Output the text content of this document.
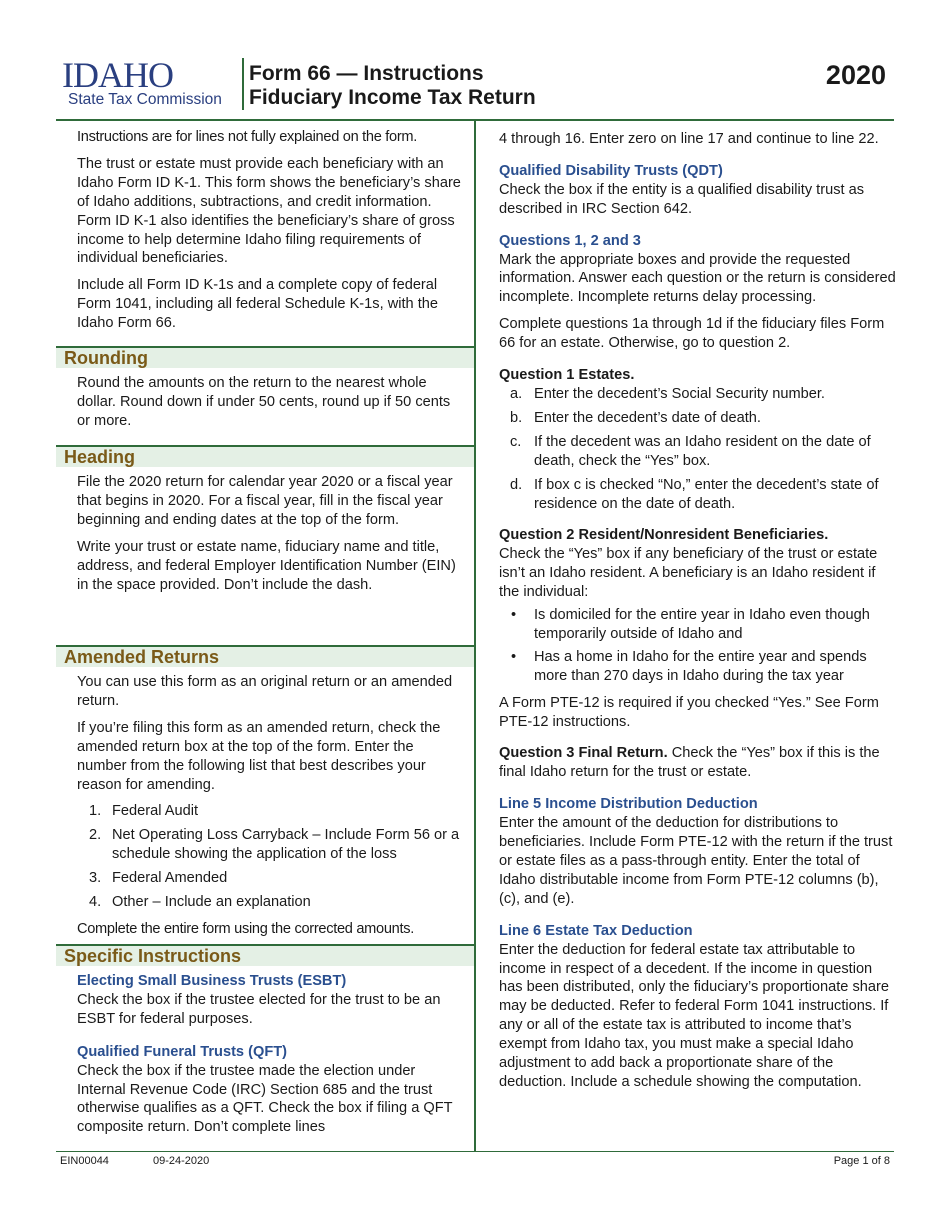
IDAHO
State Tax Commission
Form 66 — Instructions
Fiduciary Income Tax Return
2020

Instructions are for lines not fully explained on the form.

The trust or estate must provide each beneficiary with an Idaho Form ID K-1. This form shows the beneficiary’s share of Idaho additions, subtractions, and credit information. Form ID K-1 also identifies the beneficiary’s share of gross income to help determine Idaho filing requirements of individual beneficiaries.

Include all Form ID K-1s and a complete copy of federal Form 1041, including all federal Schedule K-1s, with the Idaho Form 66.

Rounding

Round the amounts on the return to the nearest whole dollar. Round down if under 50 cents, round up if 50 cents or more.

Heading

File the 2020 return for calendar year 2020 or a fiscal year that begins in 2020. For a fiscal year, fill in the fiscal year beginning and ending dates at the top of the form.

Write your trust or estate name, fiduciary name and title, address, and federal Employer Identification Number (EIN) in the space provided. Don’t include the dash.

Amended Returns

You can use this form as an original return or an amended return.

If you’re filing this form as an amended return, check the amended return box at the top of the form. Enter the number from the following list that best describes your reason for amending.

1. Federal Audit
2. Net Operating Loss Carryback – Include Form 56 or a schedule showing the application of the loss
3. Federal Amended
4. Other – Include an explanation

Complete the entire form using the corrected amounts.

Specific Instructions
Electing Small Business Trusts (ESBT)

Check the box if the trustee elected for the trust to be an ESBT for federal purposes.

Qualified Funeral Trusts (QFT)

Check the box if the trustee made the election under Internal Revenue Code (IRC) Section 685 and the trust otherwise qualifies as a QFT. Check the box if filing a QFT composite return. Don’t complete lines

4 through 16. Enter zero on line 17 and continue to line 22.

Qualified Disability Trusts (QDT)

Check the box if the entity is a qualified disability trust as described in IRC Section 642.

Questions 1, 2 and 3

Mark the appropriate boxes and provide the requested information. Answer each question or the return is considered incomplete. Incomplete returns delay processing.

Complete questions 1a through 1d if the fiduciary files Form 66 for an estate. Otherwise, go to question 2.

Question 1 Estates.
a. Enter the decedent’s Social Security number.
b. Enter the decedent’s date of death.
c. If the decedent was an Idaho resident on the date of death, check the “Yes” box.
d. If box c is checked “No,” enter the decedent’s state of residence on the date of death.
Question 2 Resident/Nonresident Beneficiaries.

Check the “Yes” box if any beneficiary of the trust or estate isn’t an Idaho resident. A beneficiary is an Idaho resident if the individual:

• Is domiciled for the entire year in Idaho even though temporarily outside of Idaho and
• Has a home in Idaho for the entire year and spends more than 270 days in Idaho during the tax year

A Form PTE-12 is required if you checked “Yes.” See Form PTE-12 instructions.

Question 3 Final Return. Check the “Yes” box if this is the final Idaho return for the trust or estate.

Line 5 Income Distribution Deduction

Enter the amount of the deduction for distributions to beneficiaries. Include Form PTE-12 with the return if the trust or estate files as a pass-through entity. Enter the total of Idaho distributable income from Form PTE-12 columns (b), (c), and (e).

Line 6 Estate Tax Deduction

Enter the deduction for federal estate tax attributable to income in respect of a decedent. If the income in question has been distributed, only the fiduciary’s proportionate share may be deducted. Refer to federal Form 1041 instructions. If any or all of the estate tax is attributed to income that’s exempt from Idaho tax, you must make a special Idaho adjustment to add back a proportionate share of the deduction. Include a schedule showing the computation.

EIN00044	09-24-2020	Page 1 of 8
